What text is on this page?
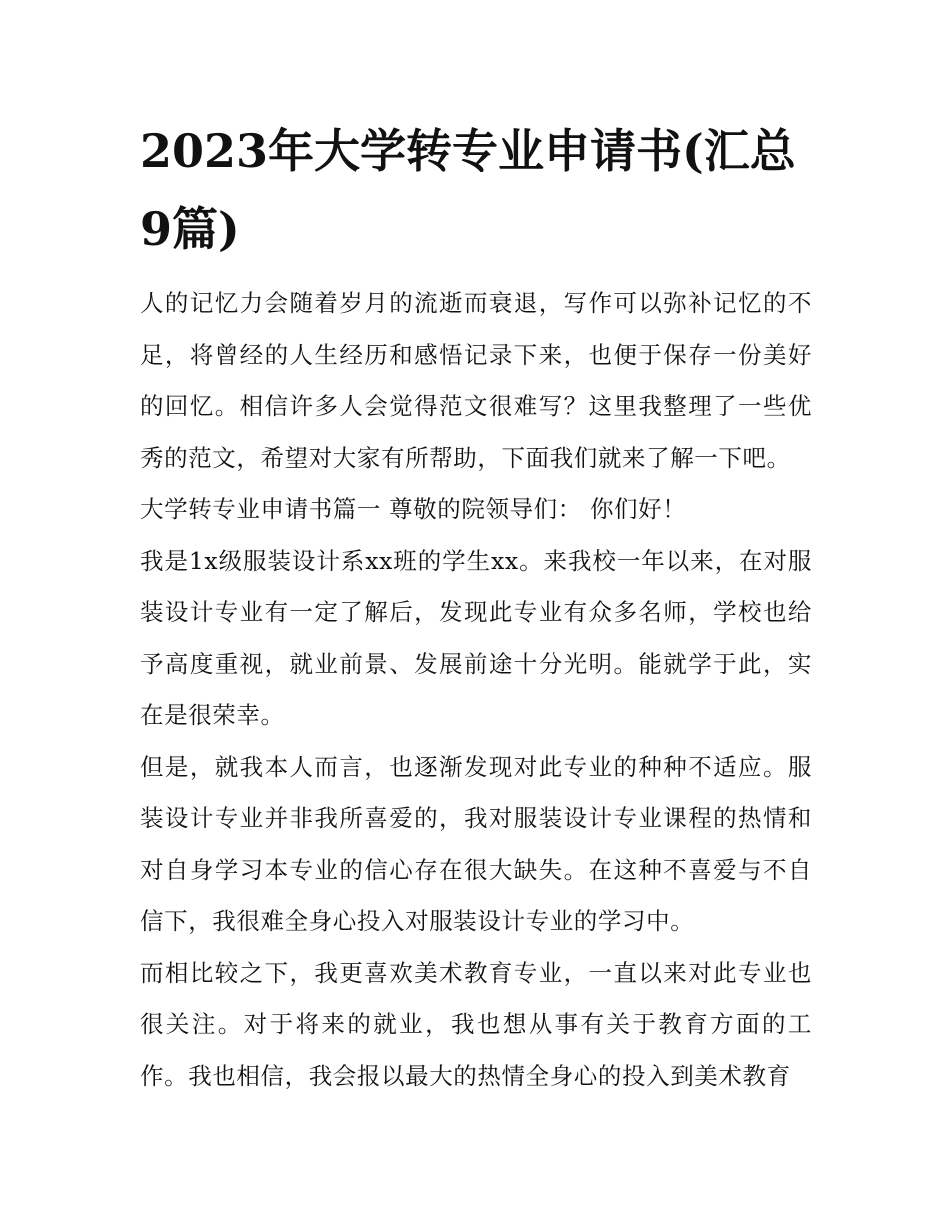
2023年大学转专业申请书(汇总9篇)

人的记忆力会随着岁月的流逝而衰退，写作可以弥补记忆的不足，将曾经的人生经历和感悟记录下来，也便于保存一份美好的回忆。相信许多人会觉得范文很难写？这里我整理了一些优秀的范文，希望对大家有所帮助，下面我们就来了解一下吧。

大学转专业申请书篇一 尊敬的院领导们： 你们好！

我是1x级服装设计系xx班的学生xx。来我校一年以来，在对服装设计专业有一定了解后，发现此专业有众多名师，学校也给予高度重视，就业前景、发展前途十分光明。能就学于此，实在是很荣幸。

但是，就我本人而言，也逐渐发现对此专业的种种不适应。服装设计专业并非我所喜爱的，我对服装设计专业课程的热情和对自身学习本专业的信心存在很大缺失。在这种不喜爱与不自信下，我很难全身心投入对服装设计专业的学习中。

而相比较之下，我更喜欢美术教育专业，一直以来对此专业也很关注。对于将来的就业，我也想从事有关于教育方面的工作。我也相信，我会报以最大的热情全身心的投入到美术教育
